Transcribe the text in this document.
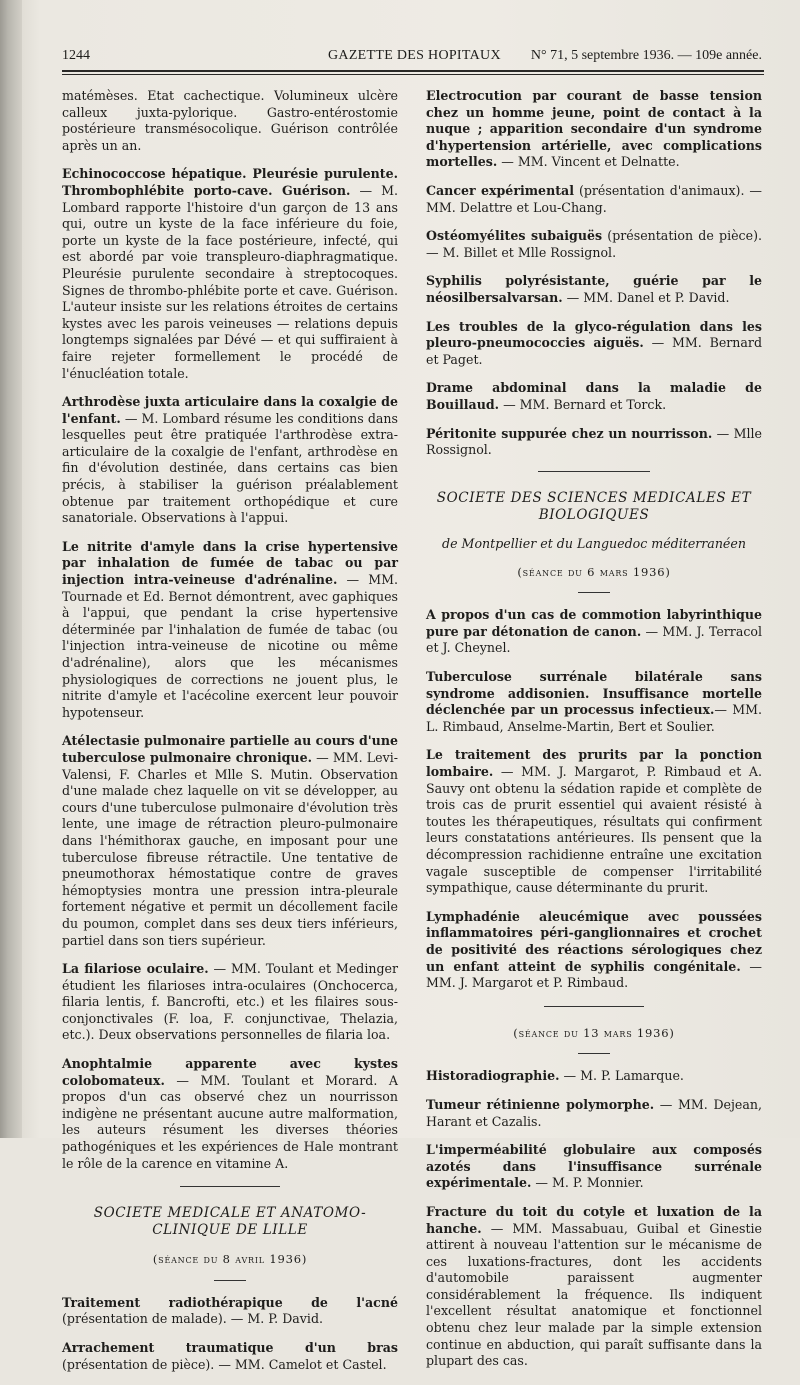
1244	GAZETTE DES HOPITAUX N° 71, 5 septembre 1936. — 109e année.

matémèses. Etat cachectique. Volumineux ulcère calleux juxta-pylorique. Gastro-entérostomie postérieure transmésocolique. Guérison contrôlée après un an.

Echinococcose hépatique. Pleurésie purulente. Thrombophlébite porto-cave. Guérison. — M. Lombard rapporte l'histoire d'un garçon de 13 ans qui, outre un kyste de la face inférieure du foie, porte un kyste de la face postérieure, infecté, qui est abordé par voie transpleuro-diaphragmatique. Pleurésie purulente secondaire à streptocoques. Signes de thrombo-phlébite porte et cave. Guérison. L'auteur insiste sur les relations étroites de certains kystes avec les parois veineuses — relations depuis longtemps signalées par Dévé — et qui suffiraient à faire rejeter formellement le procédé de l'énucléation totale.

Arthrodèse juxta articulaire dans la coxalgie de l'enfant. — M. Lombard résume les conditions dans lesquelles peut être pratiquée l'arthrodèse extra-articulaire de la coxalgie de l'enfant, arthrodèse en fin d'évolution destinée, dans certains cas bien précis, à stabiliser la guérison préalablement obtenue par traitement orthopédique et cure sanatoriale. Observations à l'appui.

Le nitrite d'amyle dans la crise hypertensive par inhalation de fumée de tabac ou par injection intra-veineuse d'adrénaline. — MM. Tournade et Ed. Bernot démontrent, avec gaphiques à l'appui, que pendant la crise hypertensive déterminée par l'inhalation de fumée de tabac (ou l'injection intra-veineuse de nicotine ou même d'adrénaline), alors que les mécanismes physiologiques de corrections ne jouent plus, le nitrite d'amyle et l'acécoline exercent leur pouvoir hypotenseur.

Atélectasie pulmonaire partielle au cours d'une tuberculose pulmonaire chronique. — MM. Levi-Valensi, F. Charles et Mlle S. Mutin. Observation d'une malade chez laquelle on vit se développer, au cours d'une tuberculose pulmonaire d'évolution très lente, une image de rétraction pleuro-pulmonaire dans l'hémithorax gauche, en imposant pour une tuberculose fibreuse rétractile. Une tentative de pneumothorax hémostatique contre de graves hémoptysies montra une pression intra-pleurale fortement négative et permit un décollement facile du poumon, complet dans ses deux tiers inférieurs, partiel dans son tiers supérieur.

La filariose oculaire. — MM. Toulant et Medinger étudient les filarioses intra-oculaires (Onchocerca, filaria lentis, f. Bancrofti, etc.) et les filaires sous-conjonctivales (F. loa, F. conjunctivae, Thelazia, etc.). Deux observations personnelles de filaria loa.

Anophtalmie apparente avec kystes colobomateux. — MM. Toulant et Morard. A propos d'un cas observé chez un nourrisson indigène ne présentant aucune autre malformation, les auteurs résument les diverses théories pathogéniques et les expériences de Hale montrant le rôle de la carence en vitamine A.

SOCIETE MEDICALE ET ANATOMO-CLINIQUE DE LILLE

(séance du 8 avril 1936)

Traitement radiothérapique de l'acné (présentation de malade). — M. P. David.

Arrachement traumatique d'un bras (présentation de pièce). — MM. Camelot et Castel.

Electrocution par courant de basse tension chez un homme jeune, point de contact à la nuque ; apparition secondaire d'un syndrome d'hypertension artérielle, avec complications mortelles. — MM. Vincent et Delnatte.

Cancer expérimental (présentation d'animaux). — MM. Delattre et Lou-Chang.

Ostéomyélites subaiguës (présentation de pièce). — M. Billet et Mlle Rossignol.

Syphilis polyrésistante, guérie par le néosilbersalvarsan. — MM. Danel et P. David.

Les troubles de la glyco-régulation dans les pleuro-pneumococcies aiguës. — MM. Bernard et Paget.

Drame abdominal dans la maladie de Bouillaud. — MM. Bernard et Torck.

Péritonite suppurée chez un nourrisson. — Mlle Rossignol.

SOCIETE DES SCIENCES MEDICALES ET BIOLOGIQUES

de Montpellier et du Languedoc méditerranéen

(séance du 6 mars 1936)

A propos d'un cas de commotion labyrinthique pure par détonation de canon. — MM. J. Terracol et J. Cheynel.

Tuberculose surrénale bilatérale sans syndrome addisonien. Insuffisance mortelle déclenchée par un processus infectieux.— MM. L. Rimbaud, Anselme-Martin, Bert et Soulier.

Le traitement des prurits par la ponction lombaire. — MM. J. Margarot, P. Rimbaud et A. Sauvy ont obtenu la sédation rapide et complète de trois cas de prurit essentiel qui avaient résisté à toutes les thérapeutiques, résultats qui confirment leurs constatations antérieures. Ils pensent que la décompression rachidienne entraîne une excitation vagale susceptible de compenser l'irritabilité sympathique, cause déterminante du prurit.

Lymphadénie aleucémique avec poussées inflammatoires péri-ganglionnaires et crochet de positivité des réactions sérologiques chez un enfant atteint de syphilis congénitale. — MM. J. Margarot et P. Rimbaud.

(séance du 13 mars 1936)

Historadiographie. — M. P. Lamarque.

Tumeur rétinienne polymorphe. — MM. Dejean, Harant et Cazalis.

L'imperméabilité globulaire aux composés azotés dans l'insuffisance surrénale expérimentale. — M. P. Monnier.

Fracture du toit du cotyle et luxation de la hanche. — MM. Massabuau, Guibal et Ginestie attirent à nouveau l'attention sur le mécanisme de ces luxations-fractures, dont les accidents d'automobile paraissent augmenter considérablement la fréquence. Ils indiquent l'excellent résultat anatomique et fonctionnel obtenu chez leur malade par la simple extension continue en abduction, qui paraît suffisante dans la plupart des cas.
